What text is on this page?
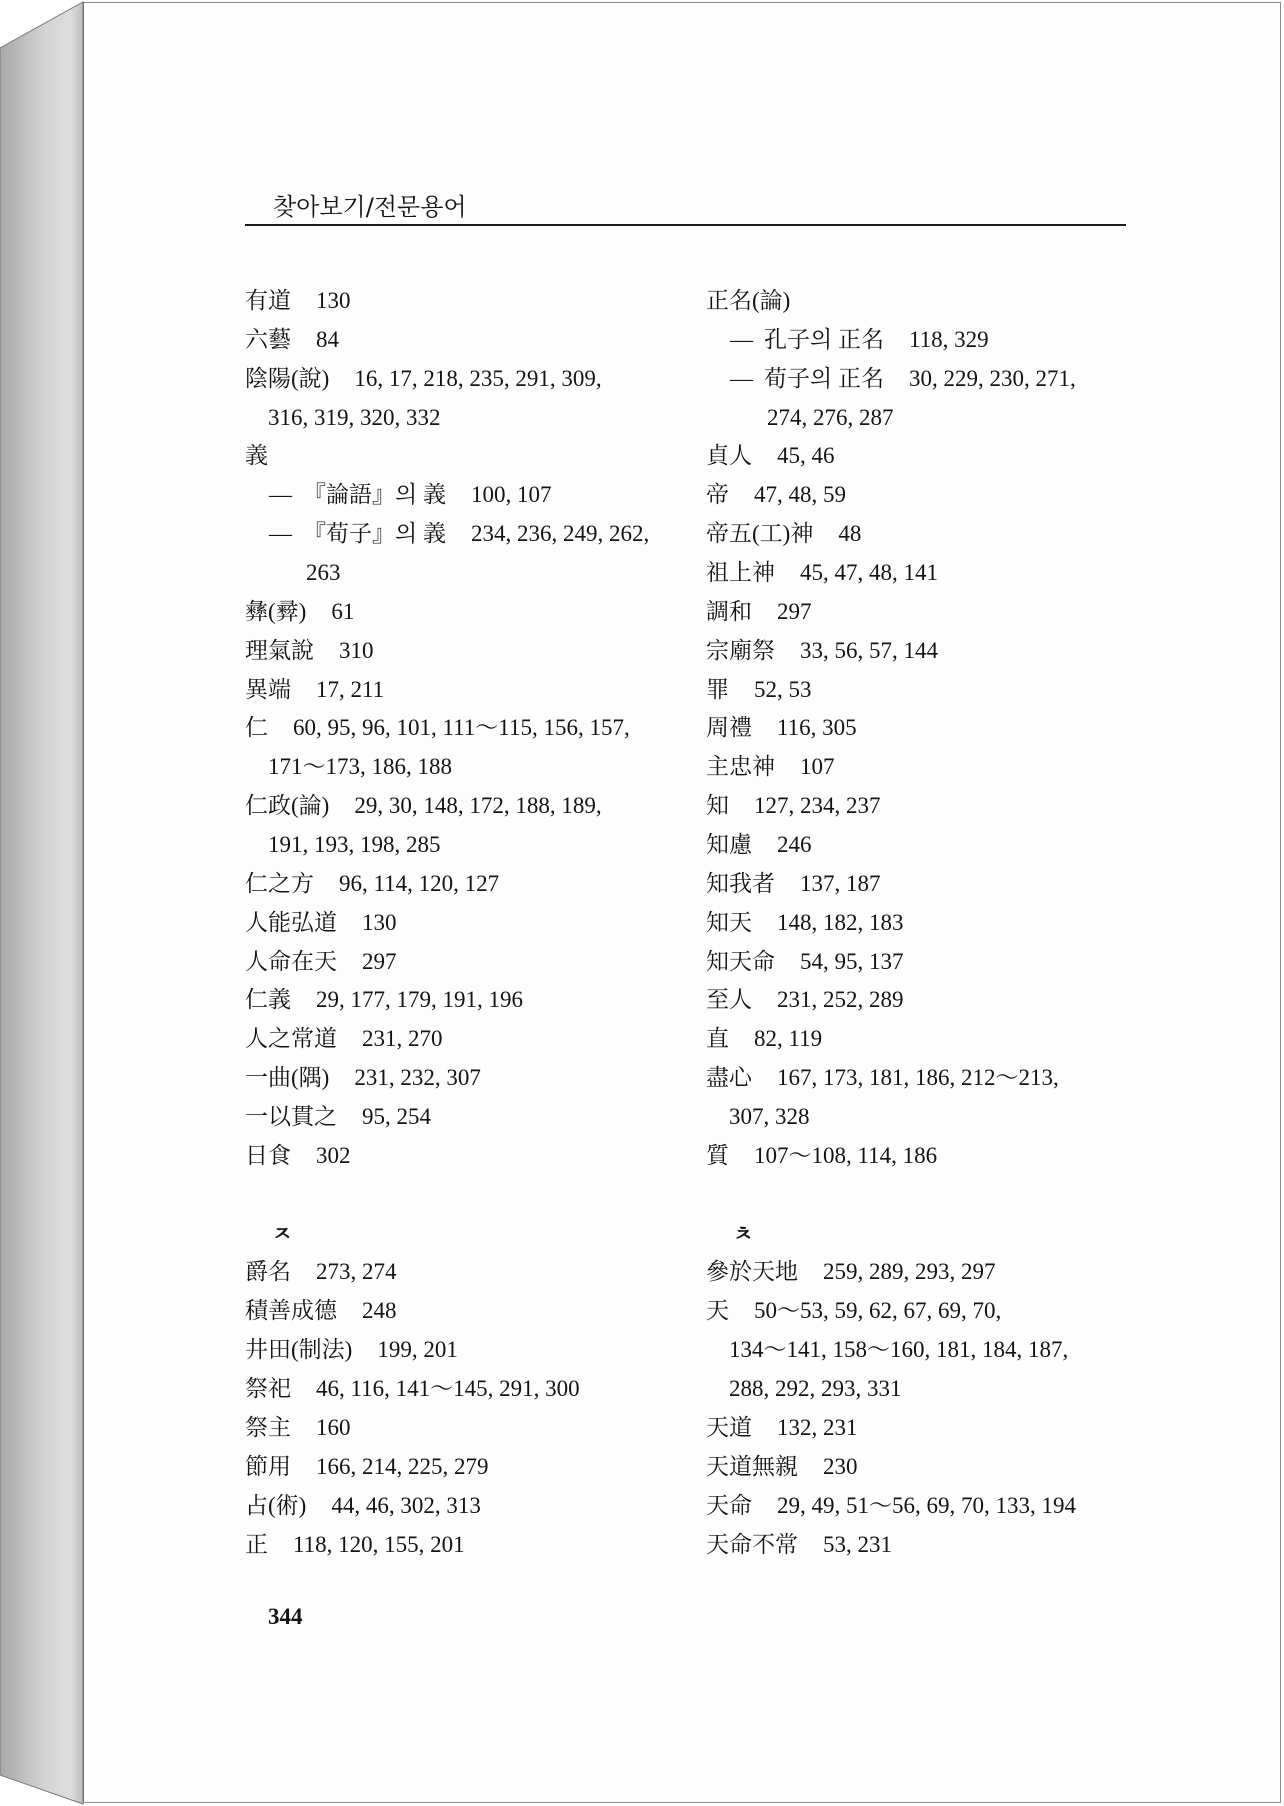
찾아보기/전문용어
有道 130
六藝 84
陰陽(說) 16, 17, 218, 235, 291, 309,
316, 319, 320, 332
義
— 『論語』의 義 100, 107
— 『荀子』의 義 234, 236, 249, 262,
263
彝(彛) 61
理氣說 310
異端 17, 211
仁 60, 95, 96, 101, 111～115, 156, 157,
171～173, 186, 188
仁政(論) 29, 30, 148, 172, 188, 189,
191, 193, 198, 285
仁之方 96, 114, 120, 127
人能弘道 130
人命在天 297
仁義 29, 177, 179, 191, 196
人之常道 231, 270
一曲(隅) 231, 232, 307
一以貫之 95, 254
日食 302
ㅈ
爵名 273, 274
積善成德 248
井田(制法) 199, 201
祭祀 46, 116, 141～145, 291, 300
祭主 160
節用 166, 214, 225, 279
占(術) 44, 46, 302, 313
正 118, 120, 155, 201
正名(論)
— 孔子의 正名 118, 329
— 荀子의 正名 30, 229, 230, 271,
274, 276, 287
貞人 45, 46
帝 47, 48, 59
帝五(工)神 48
祖上神 45, 47, 48, 141
調和 297
宗廟祭 33, 56, 57, 144
罪 52, 53
周禮 116, 305
主忠神 107
知 127, 234, 237
知慮 246
知我者 137, 187
知天 148, 182, 183
知天命 54, 95, 137
至人 231, 252, 289
直 82, 119
盡心 167, 173, 181, 186, 212～213,
307, 328
質 107～108, 114, 186
ㅊ
參於天地 259, 289, 293, 297
天 50～53, 59, 62, 67, 69, 70,
134～141, 158～160, 181, 184, 187,
288, 292, 293, 331
天道 132, 231
天道無親 230
天命 29, 49, 51～56, 69, 70, 133, 194
天命不常 53, 231
344
